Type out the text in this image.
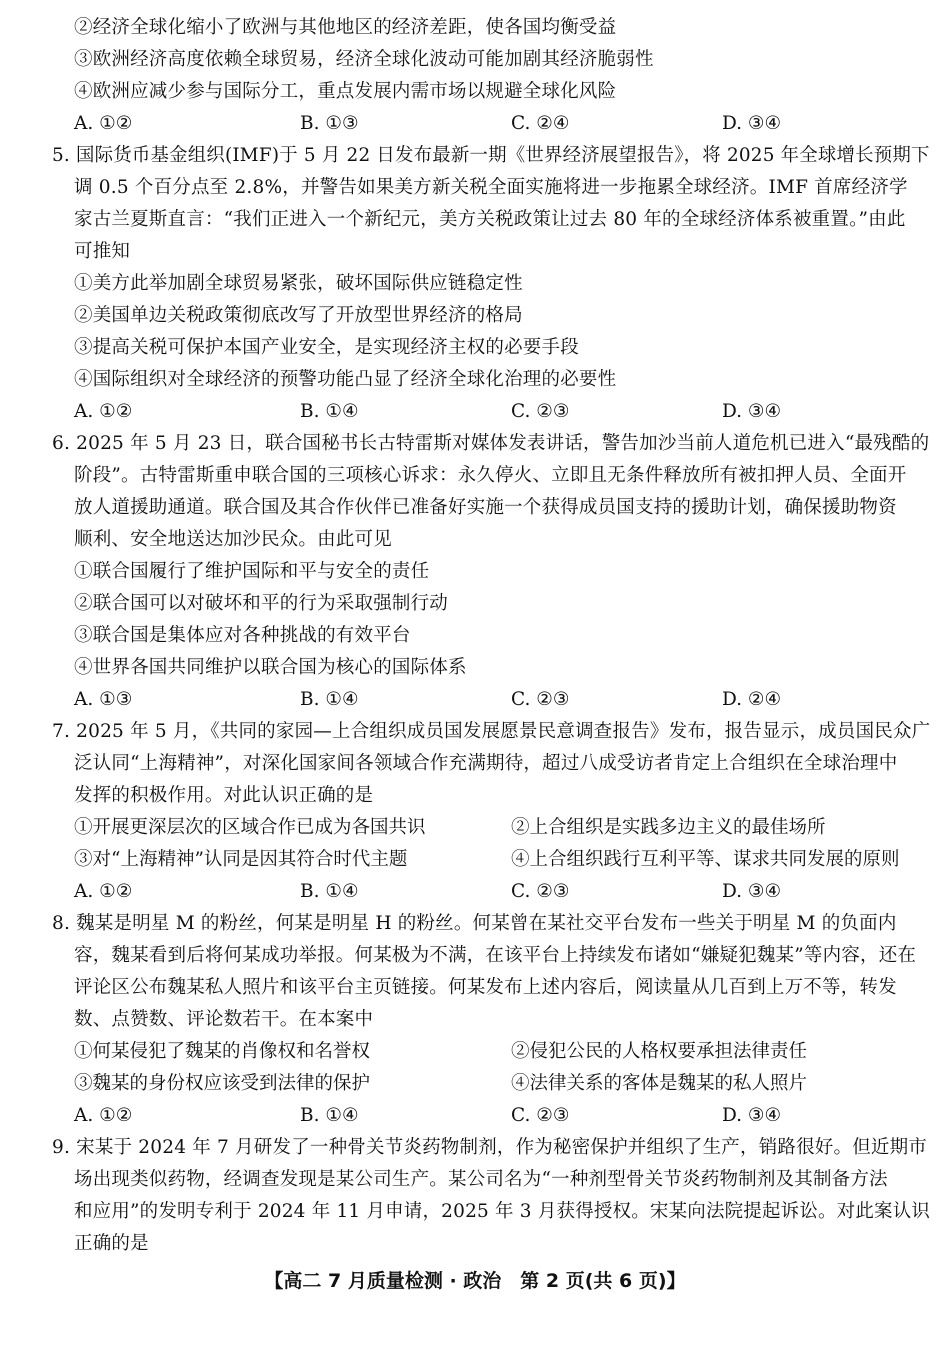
②经济全球化缩小了欧洲与其他地区的经济差距，使各国均衡受益
③欧洲经济高度依赖全球贸易，经济全球化波动可能加剧其经济脆弱性
④欧洲应减少参与国际分工，重点发展内需市场以规避全球化风险
A. ①②	B. ①③	C. ②④	D. ③④
5. 国际货币基金组织(IMF)于 5 月 22 日发布最新一期《世界经济展望报告》，将 2025 年全球增长预期下
调 0.5 个百分点至 2.8%，并警告如果美方新关税全面实施将进一步拖累全球经济。IMF 首席经济学
家古兰夏斯直言：“我们正进入一个新纪元，美方关税政策让过去 80 年的全球经济体系被重置。”由此
可推知
①美方此举加剧全球贸易紧张，破坏国际供应链稳定性
②美国单边关税政策彻底改写了开放型世界经济的格局
③提高关税可保护本国产业安全，是实现经济主权的必要手段
④国际组织对全球经济的预警功能凸显了经济全球化治理的必要性
A. ①②	B. ①④	C. ②③	D. ③④
6. 2025 年 5 月 23 日，联合国秘书长古特雷斯对媒体发表讲话，警告加沙当前人道危机已进入“最残酷的
阶段”。古特雷斯重申联合国的三项核心诉求：永久停火、立即且无条件释放所有被扣押人员、全面开
放人道援助通道。联合国及其合作伙伴已准备好实施一个获得成员国支持的援助计划，确保援助物资
顺利、安全地送达加沙民众。由此可见
①联合国履行了维护国际和平与安全的责任
②联合国可以对破坏和平的行为采取强制行动
③联合国是集体应对各种挑战的有效平台
④世界各国共同维护以联合国为核心的国际体系
A. ①③	B. ①④	C. ②③	D. ②④
7. 2025 年 5 月，《共同的家园—上合组织成员国发展愿景民意调查报告》发布，报告显示，成员国民众广
泛认同“上海精神”，对深化国家间各领域合作充满期待，超过八成受访者肯定上合组织在全球治理中
发挥的积极作用。对此认识正确的是
①开展更深层次的区域合作已成为各国共识	②上合组织是实践多边主义的最佳场所
③对“上海精神”认同是因其符合时代主题	④上合组织践行互利平等、谋求共同发展的原则
A. ①②	B. ①④	C. ②③	D. ③④
8. 魏某是明星 M 的粉丝，何某是明星 H 的粉丝。何某曾在某社交平台发布一些关于明星 M 的负面内
容，魏某看到后将何某成功举报。何某极为不满，在该平台上持续发布诸如“嫌疑犯魏某”等内容，还在
评论区公布魏某私人照片和该平台主页链接。何某发布上述内容后，阅读量从几百到上万不等，转发
数、点赞数、评论数若干。在本案中
①何某侵犯了魏某的肖像权和名誉权	②侵犯公民的人格权要承担法律责任
③魏某的身份权应该受到法律的保护	④法律关系的客体是魏某的私人照片
A. ①②	B. ①④	C. ②③	D. ③④
9. 宋某于 2024 年 7 月研发了一种骨关节炎药物制剂，作为秘密保护并组织了生产，销路很好。但近期市
场出现类似药物，经调查发现是某公司生产。某公司名为“一种剂型骨关节炎药物制剂及其制备方法
和应用”的发明专利于 2024 年 11 月申请，2025 年 3 月获得授权。宋某向法院提起诉讼。对此案认识
正确的是
【高二 7 月质量检测 · 政治　第 2 页(共 6 页)】
